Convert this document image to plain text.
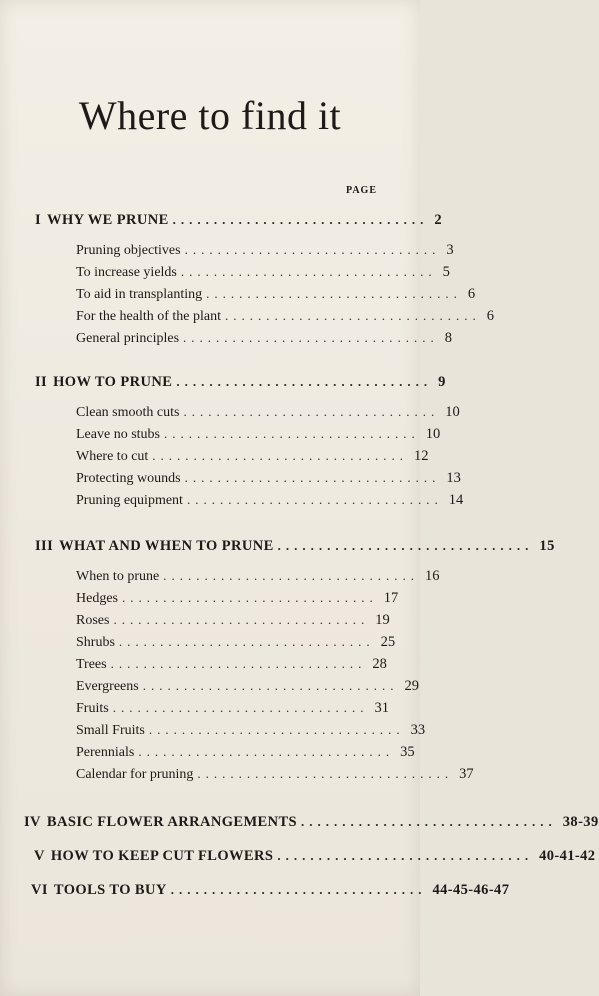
Where to find it
PAGE
I WHY WE PRUNE ............................... 2
Pruning objectives ............................... 3
To increase yields ............................... 5
To aid in transplanting ............................... 6
For the health of the plant ............................... 6
General principles ............................... 8
II HOW TO PRUNE ............................... 9
Clean smooth cuts ............................... 10
Leave no stubs ............................... 10
Where to cut ............................... 12
Protecting wounds ............................... 13
Pruning equipment ............................... 14
III WHAT AND WHEN TO PRUNE ............................... 15
When to prune ............................... 16
Hedges ............................... 17
Roses ............................... 19
Shrubs ............................... 25
Trees ............................... 28
Evergreens ............................... 29
Fruits ............................... 31
Small Fruits ............................... 33
Perennials ............................... 35
Calendar for pruning ............................... 37
IV BASIC FLOWER ARRANGEMENTS ............................... 38-39
V HOW TO KEEP CUT FLOWERS ............................... 40-41-42
VI TOOLS TO BUY ............................... 44-45-46-47
